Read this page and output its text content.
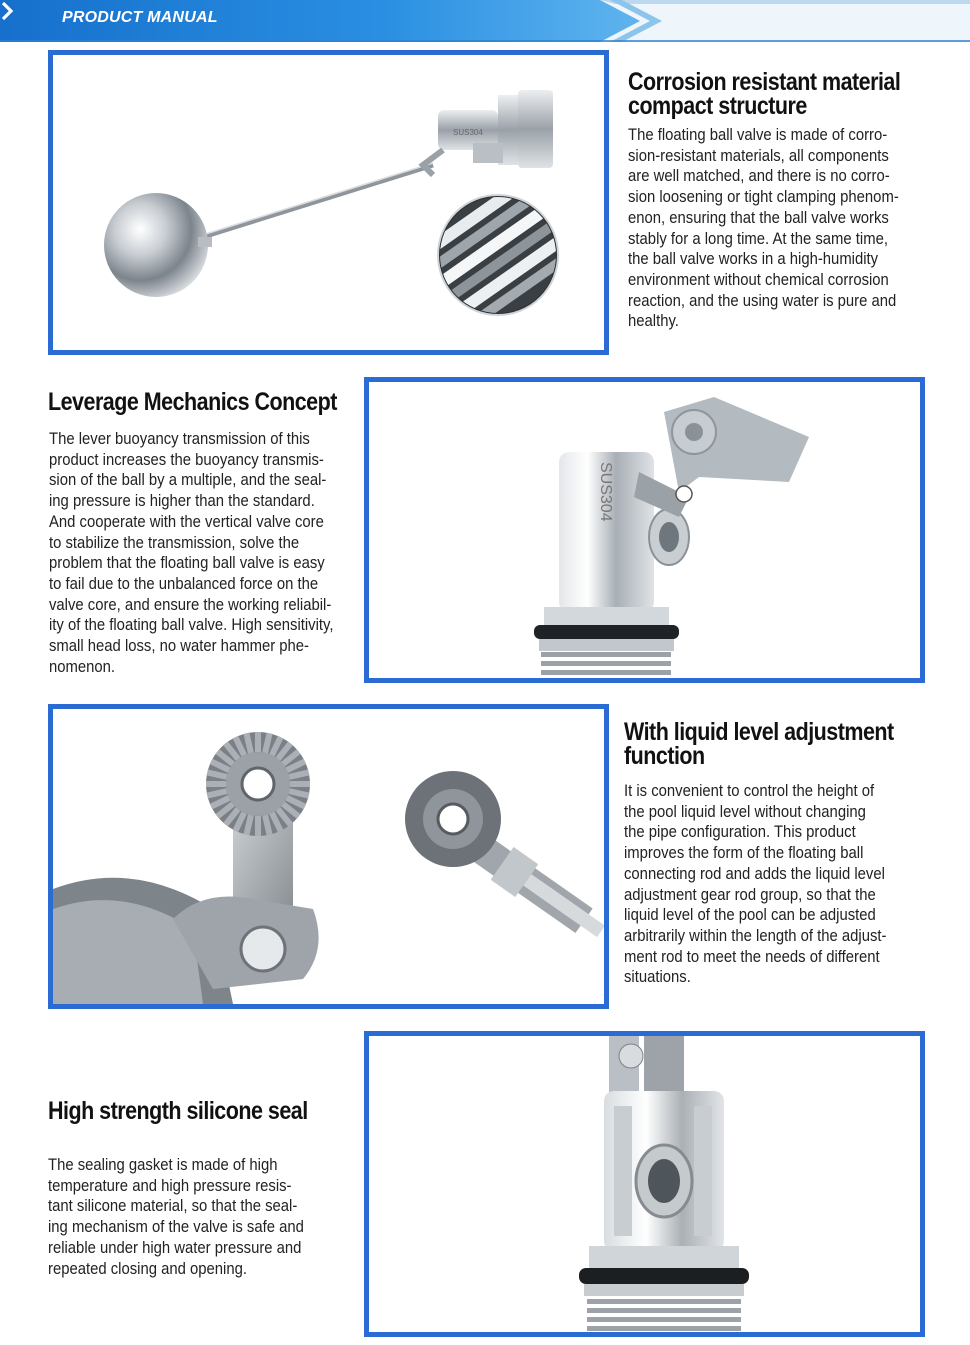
PRODUCT MANUAL
SUS304
Corrosion resistant material
compact structure
The floating ball valve is made of corro-
sion-resistant materials, all components
are well matched, and there is no corro-
sion loosening or tight clamping phenom-
enon, ensuring that the ball valve works
stably for a long time. At the same time,
the ball valve works in a high-humidity
environment without chemical corrosion
reaction, and the using water is pure and
healthy.
Leverage Mechanics Concept
The lever buoyancy transmission of this
product increases the buoyancy transmis-
sion of the ball by a multiple, and the seal-
ing pressure is higher than the standard.
And cooperate with the vertical valve core
to stabilize the transmission, solve the
problem that the floating ball valve is easy
to fail due to the unbalanced force on the
valve core, and ensure the working reliabil-
ity of the floating ball valve. High sensitivity,
small head loss, no water hammer phe-
nomenon.
SUS304
With liquid level adjustment
function
It is convenient to control the height of
the pool liquid level without changing
the pipe configuration. This product
improves the form of the floating ball
connecting rod and adds the liquid level
adjustment gear rod group, so that the
liquid level of the pool can be adjusted
arbitrarily within the length of the adjust-
ment rod to meet the needs of different
situations.
High strength silicone seal
The sealing gasket is made of high
temperature and high pressure resis-
tant silicone material, so that the seal-
ing mechanism of the valve is safe and
reliable under high water pressure and
repeated closing and opening.
